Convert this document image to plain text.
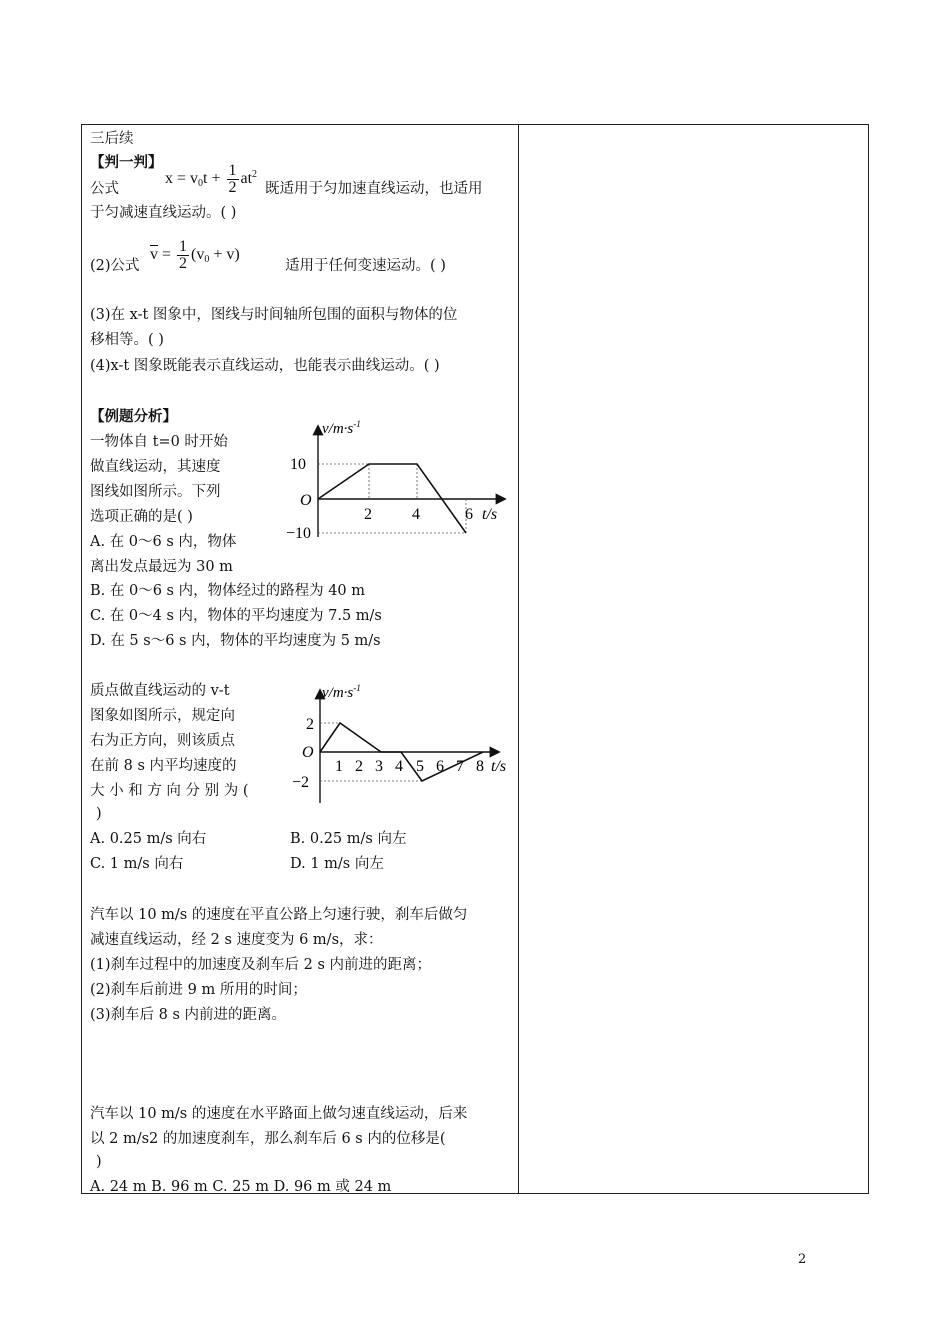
三后续
【判一判】
公式
$x = v_0t + \frac{1}{2} at^2$
既适用于匀加速直线运动，也适用
于匀减速直线运动。( )
(2)公式
$\overline{v} = \frac{1}{2} (v_0 + v)$
适用于任何变速运动。( )
(3)在 x-t 图象中，图线与时间轴所包围的面积与物体的位
移相等。( )
(4)x-t 图象既能表示直线运动，也能表示曲线运动。( )
【例题分析】
一物体自 t=0 时开始
做直线运动，其速度
图线如图所示。下列
选项正确的是( )
A. 在 0～6 s 内，物体
离出发点最远为 30 m
B. 在 0～6 s 内，物体经过的路程为 40 m
C. 在 0～4 s 内，物体的平均速度为 7.5 m/s
D. 在 5 s～6 s 内，物体的平均速度为 5 m/s
$v/m\cdot s^{-1}$
10
−10
O
2	4	6 t/s
质点做直线运动的 v-t
图象如图所示，规定向
右为正方向，则该质点
在前 8 s 内平均速度的
大 小 和 方 向 分 别 为 (
)
A. 0.25 m/s 向右	B. 0.25 m/s 向左
C. 1 m/s 向右	D. 1 m/s 向左
$v/m\cdot s^{-1}$
2
−2
O
1 2 3 4 5 6 7 8 t/s
汽车以 10 m/s 的速度在平直公路上匀速行驶，刹车后做匀
减速直线运动，经 2 s 速度变为 6 m/s，求：
(1)刹车过程中的加速度及刹车后 2 s 内前进的距离；
(2)刹车后前进 9 m 所用的时间；
(3)刹车后 8 s 内前进的距离。
汽车以 10 m/s 的速度在水平路面上做匀速直线运动，后来
以 2 m/s2 的加速度刹车，那么刹车后 6 s 内的位移是(
)
A. 24 m B. 96 m C. 25 m D. 96 m 或 24 m
2
